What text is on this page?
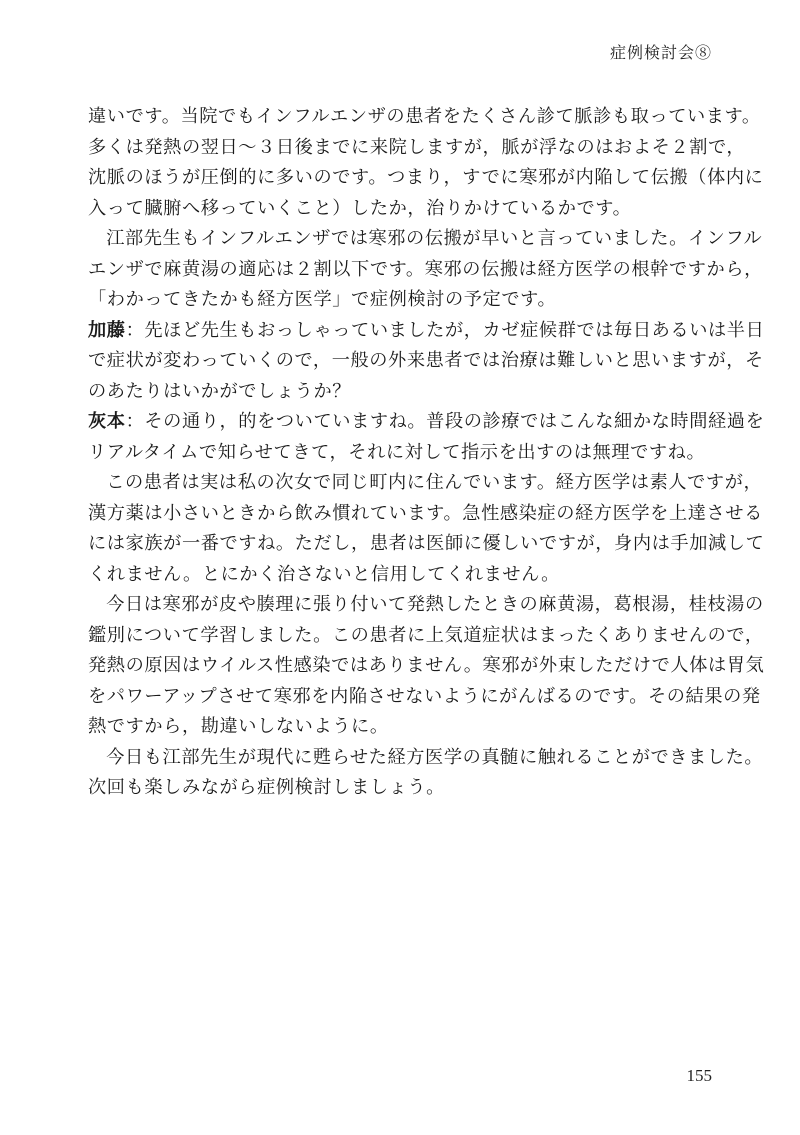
症例検討会⑧
違いです。当院でもインフルエンザの患者をたくさん診て脈診も取っています。
多くは発熱の翌日〜３日後までに来院しますが，脈が浮なのはおよそ２割で，
沈脈のほうが圧倒的に多いのです。つまり，すでに寒邪が内陥して伝搬（体内に
入って臓腑へ移っていくこと）したか，治りかけているかです。
江部先生もインフルエンザでは寒邪の伝搬が早いと言っていました。インフル
エンザで麻黄湯の適応は２割以下です。寒邪の伝搬は経方医学の根幹ですから，
「わかってきたかも経方医学」で症例検討の予定です。
加藤：先ほど先生もおっしゃっていましたが，カゼ症候群では毎日あるいは半日
で症状が変わっていくので，一般の外来患者では治療は難しいと思いますが，そ
のあたりはいかがでしょうか？
灰本：その通り，的をついていますね。普段の診療ではこんな細かな時間経過を
リアルタイムで知らせてきて，それに対して指示を出すのは無理ですね。
この患者は実は私の次女で同じ町内に住んでいます。経方医学は素人ですが，
漢方薬は小さいときから飲み慣れています。急性感染症の経方医学を上達させる
には家族が一番ですね。ただし，患者は医師に優しいですが，身内は手加減して
くれません。とにかく治さないと信用してくれません。
今日は寒邪が皮や腠理に張り付いて発熱したときの麻黄湯，葛根湯，桂枝湯の
鑑別について学習しました。この患者に上気道症状はまったくありませんので，
発熱の原因はウイルス性感染ではありません。寒邪が外束しただけで人体は胃気
をパワーアップさせて寒邪を内陥させないようにがんばるのです。その結果の発
熱ですから，勘違いしないように。
今日も江部先生が現代に甦らせた経方医学の真髄に触れることができました。
次回も楽しみながら症例検討しましょう。
155
